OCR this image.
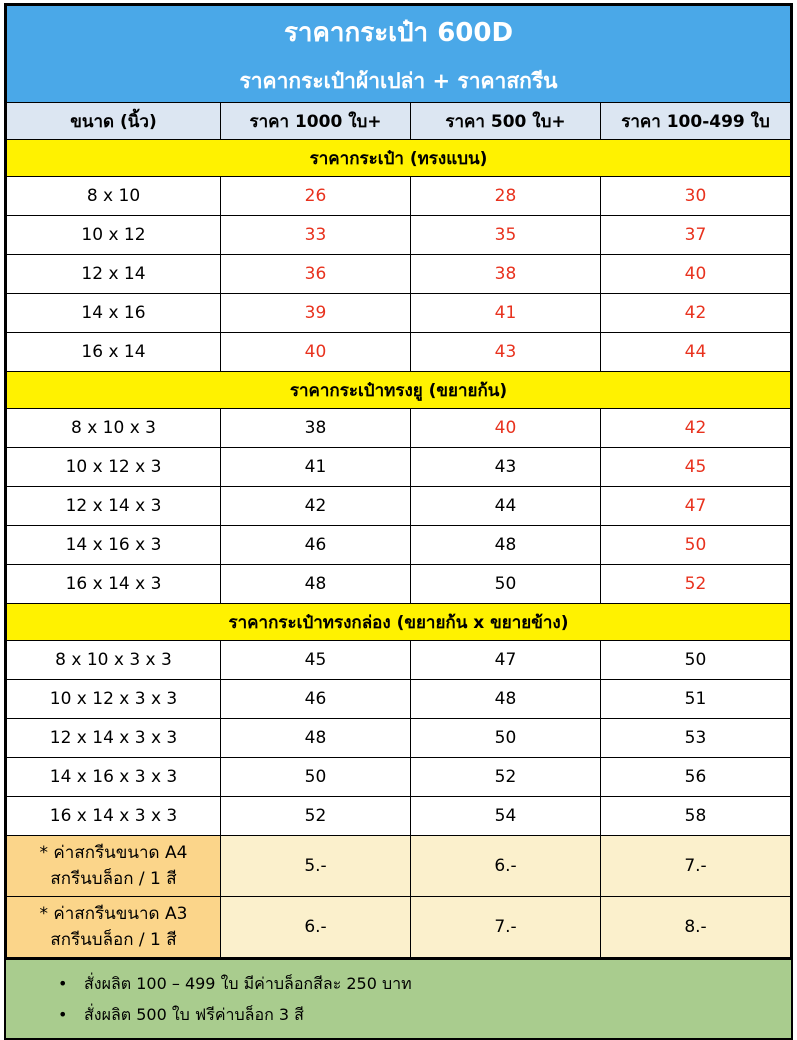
ราคากระเป๋า 600D
ราคากระเป๋าผ้าเปล่า + ราคาสกรีน			

ขนาด (นิ้ว)	ราคา 1000 ใบ+	ราคา 500 ใบ+	ราคา 100-499 ใบ
ราคากระเป๋า (ทรงแบน)			
8 x 10	26	28	30
10 x 12	33	35	37
12 x 14	36	38	40
14 x 16	39	41	42
16 x 14	40	43	44
ราคากระเป๋าทรงยู (ขยายก้น)			
8 x 10 x 3	38	40	42
10 x 12 x 3	41	43	45
12 x 14 x 3	42	44	47
14 x 16 x 3	46	48	50
16 x 14 x 3	48	50	52
ราคากระเป๋าทรงกล่อง (ขยายก้น x ขยายข้าง)			
8 x 10 x 3 x 3	45	47	50
10 x 12 x 3 x 3	46	48	51
12 x 14 x 3 x 3	48	50	53
14 x 16 x 3 x 3	50	52	56
16 x 14 x 3 x 3	52	54	58

* ค่าสกรีนขนาด A4
สกรีนบล็อก / 1 สี	5.-	6.-	7.-

* ค่าสกรีนขนาด A3
สกรีนบล็อก / 1 สี	6.-	7.-	8.-
• สั่งผลิต 100 – 499 ใบ มีค่าบล็อกสีละ 250 บาท
• สั่งผลิต 500 ใบ ฟรีค่าบล็อก 3 สี
